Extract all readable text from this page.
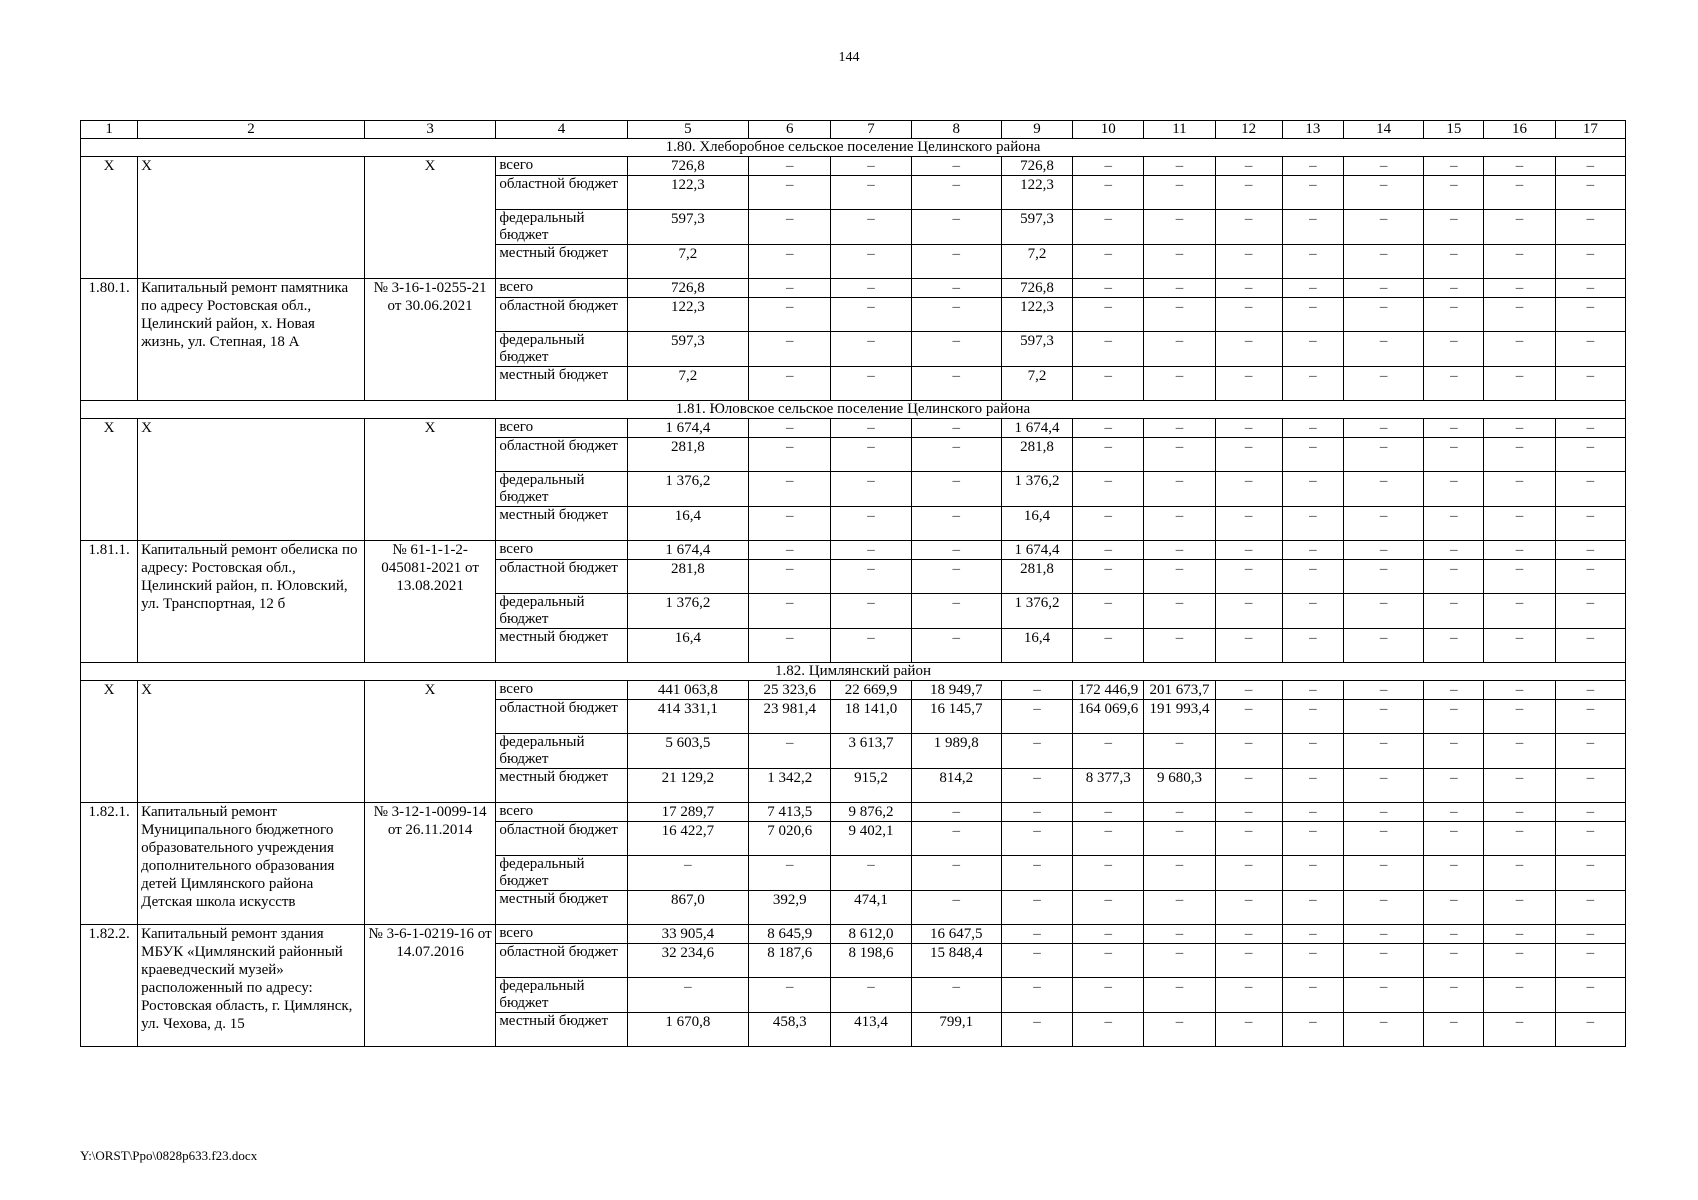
144
1	2	3	4	5	6	7	8	9	10	11	12	13	14	15	16	17
1.80. Хлеборобное сельское поселение Целинского района																
Х	Х	Х	всего	726,8	–	–	–	726,8	–	–	–	–	–	–	–	–
			областной бюджет	122,3	–	–	–	122,3	–	–	–	–	–	–	–	–
			федеральный бюджет	597,3	–	–	–	597,3	–	–	–	–	–	–	–	–
			местный бюджет	7,2	–	–	–	7,2	–	–	–	–	–	–	–	–
1.80.1.	Капитальный ремонт памятника по адресу Ростовская обл., Целинский район, х. Новая жизнь, ул. Степная, 18 А	№ 3-16-1-0255-21 от 30.06.2021	всего	726,8	–	–	–	726,8	–	–	–	–	–	–	–	–
			областной бюджет	122,3	–	–	–	122,3	–	–	–	–	–	–	–	–
			федеральный бюджет	597,3	–	–	–	597,3	–	–	–	–	–	–	–	–
			местный бюджет	7,2	–	–	–	7,2	–	–	–	–	–	–	–	–
1.81. Юловское сельское поселение Целинского района																
Х	Х	Х	всего	1 674,4	–	–	–	1 674,4	–	–	–	–	–	–	–	–
			областной бюджет	281,8	–	–	–	281,8	–	–	–	–	–	–	–	–
			федеральный бюджет	1 376,2	–	–	–	1 376,2	–	–	–	–	–	–	–	–
			местный бюджет	16,4	–	–	–	16,4	–	–	–	–	–	–	–	–
1.81.1.	Капитальный ремонт обелиска по адресу: Ростовская обл., Целинский район, п. Юловский, ул. Транспортная, 12 б	№ 61-1-1-2-045081-2021 от 13.08.2021	всего	1 674,4	–	–	–	1 674,4	–	–	–	–	–	–	–	–
			областной бюджет	281,8	–	–	–	281,8	–	–	–	–	–	–	–	–
			федеральный бюджет	1 376,2	–	–	–	1 376,2	–	–	–	–	–	–	–	–
			местный бюджет	16,4	–	–	–	16,4	–	–	–	–	–	–	–	–
1.82. Цимлянский район																
Х	Х	Х	всего	441 063,8	25 323,6	22 669,9	18 949,7	–	172 446,9	201 673,7	–	–	–	–	–	–
			областной бюджет	414 331,1	23 981,4	18 141,0	16 145,7	–	164 069,6	191 993,4	–	–	–	–	–	–
			федеральный бюджет	5 603,5	–	3 613,7	1 989,8	–	–	–	–	–	–	–	–	–
			местный бюджет	21 129,2	1 342,2	915,2	814,2	–	8 377,3	9 680,3	–	–	–	–	–	–
1.82.1.	Капитальный ремонт Муниципального бюджетного образовательного учреждения дополнительного образования детей Цимлянского района Детская школа искусств	№ 3-12-1-0099-14 от 26.11.2014	всего	17 289,7	7 413,5	9 876,2	–	–	–	–	–	–	–	–	–	–
			областной бюджет	16 422,7	7 020,6	9 402,1	–	–	–	–	–	–	–	–	–	–
			федеральный бюджет	–	–	–	–	–	–	–	–	–	–	–	–	–
			местный бюджет	867,0	392,9	474,1	–	–	–	–	–	–	–	–	–	–
1.82.2.	Капитальный ремонт здания МБУК «Цимлянский районный краеведческий музей» расположенный по адресу: Ростовская область, г. Цимлянск, ул. Чехова, д. 15	№ 3-6-1-0219-16 от 14.07.2016	всего	33 905,4	8 645,9	8 612,0	16 647,5	–	–	–	–	–	–	–	–	–
			областной бюджет	32 234,6	8 187,6	8 198,6	15 848,4	–	–	–	–	–	–	–	–	–
			федеральный бюджет	–	–	–	–	–	–	–	–	–	–	–	–	–
			местный бюджет	1 670,8	458,3	413,4	799,1	–	–	–	–	–	–	–	–	–
Y:\ORST\Ppo\0828p633.f23.docx
